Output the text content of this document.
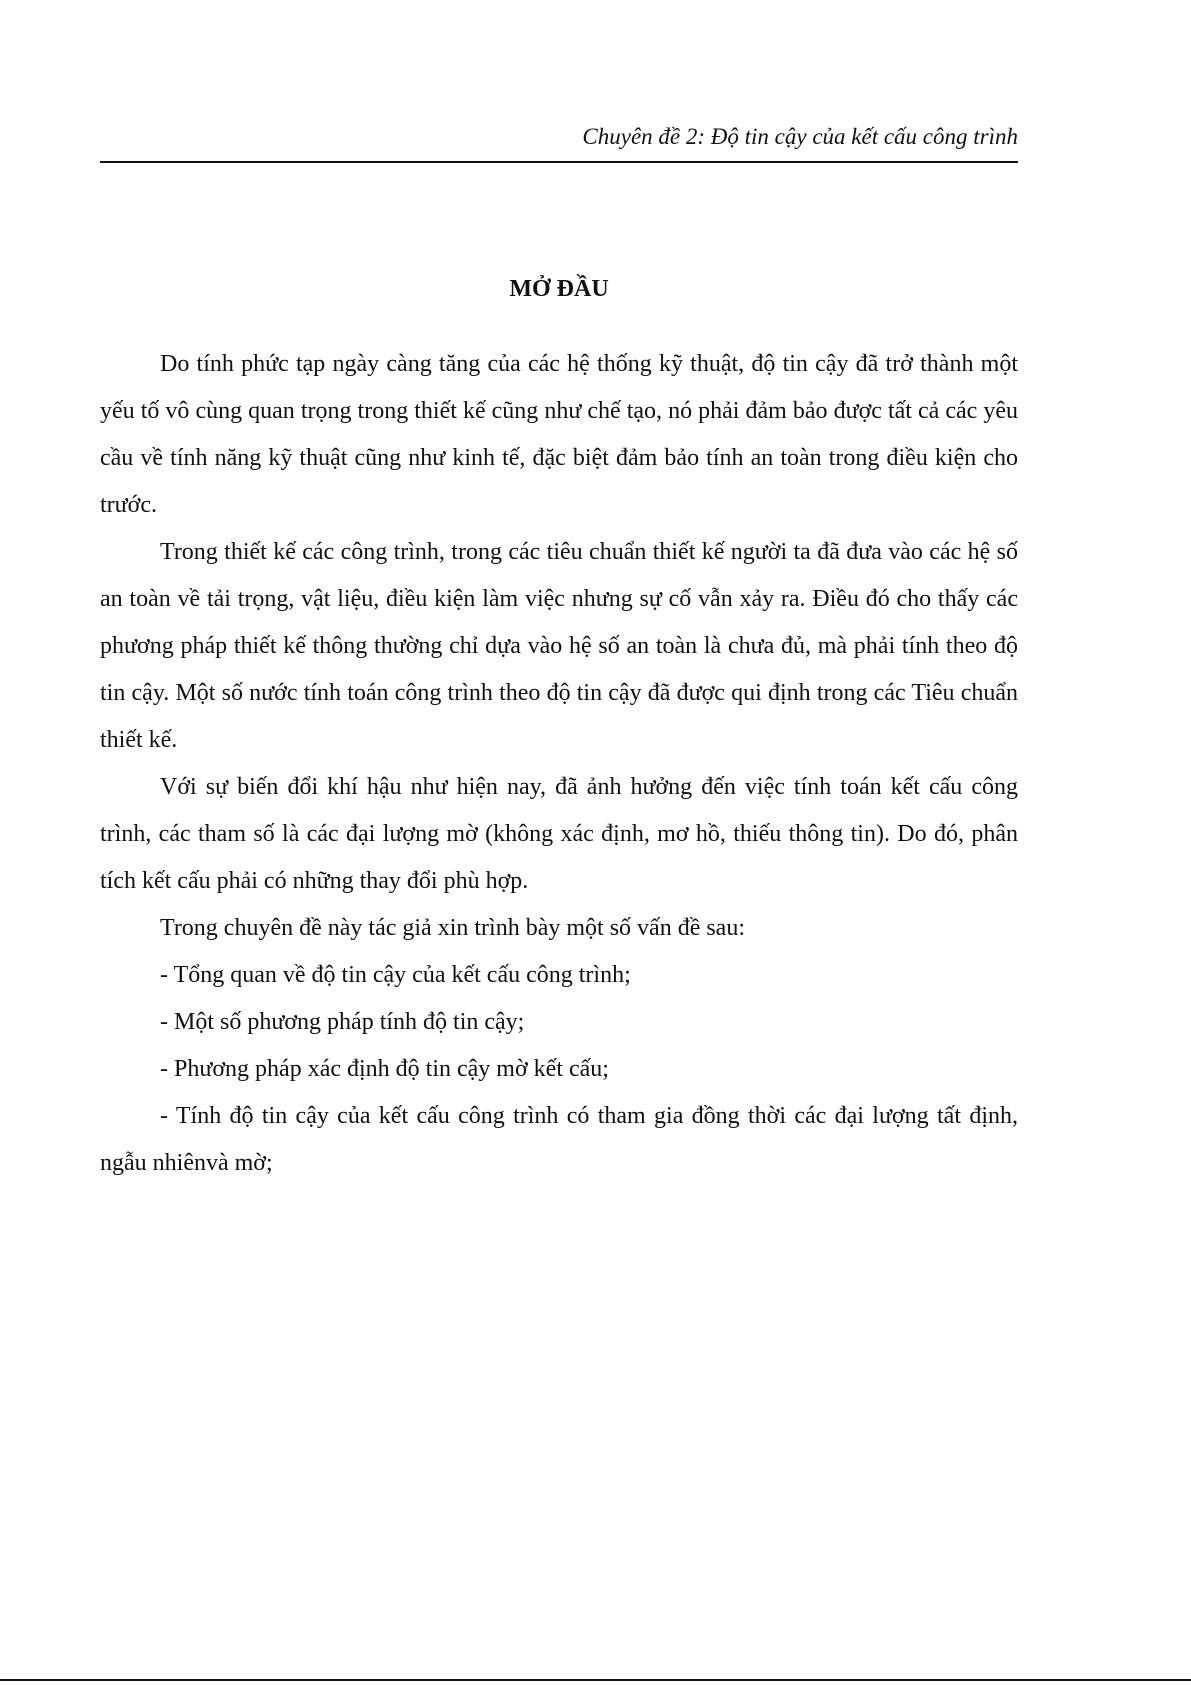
Chuyên đề 2: Độ tin cậy của kết cấu công trình
MỞ ĐẦU

Do tính phức tạp ngày càng tăng của các hệ thống kỹ thuật, độ tin cậy đã trở thành một yếu tố vô cùng quan trọng trong thiết kế cũng như chế tạo, nó phải đảm bảo được tất cả các yêu cầu về tính năng kỹ thuật cũng như kinh tế, đặc biệt đảm bảo tính an toàn trong điều kiện cho trước.

Trong thiết kế các công trình, trong các tiêu chuẩn thiết kế người ta đã đưa vào các hệ số an toàn về tải trọng, vật liệu, điều kiện làm việc nhưng sự cố vẫn xảy ra. Điều đó cho thấy các phương pháp thiết kế thông thường chỉ dựa vào hệ số an toàn là chưa đủ, mà phải tính theo độ tin cậy. Một số nước tính toán công trình theo độ tin cậy đã được qui định trong các Tiêu chuẩn thiết kế.

Với sự biến đổi khí hậu như hiện nay, đã ảnh hưởng đến việc tính toán kết cấu công trình, các tham số là các đại lượng mờ (không xác định, mơ hồ, thiếu thông tin). Do đó, phân tích kết cấu phải có những thay đổi phù hợp.

Trong chuyên đề này tác giả xin trình bày một số vấn đề sau:

- Tổng quan về độ tin cậy của kết cấu công trình;

- Một số phương pháp tính độ tin cậy;

- Phương pháp xác định độ tin cậy mờ kết cấu;

- Tính độ tin cậy của kết cấu công trình có tham gia đồng thời các đại lượng tất định, ngẫu nhiênvà mờ;
